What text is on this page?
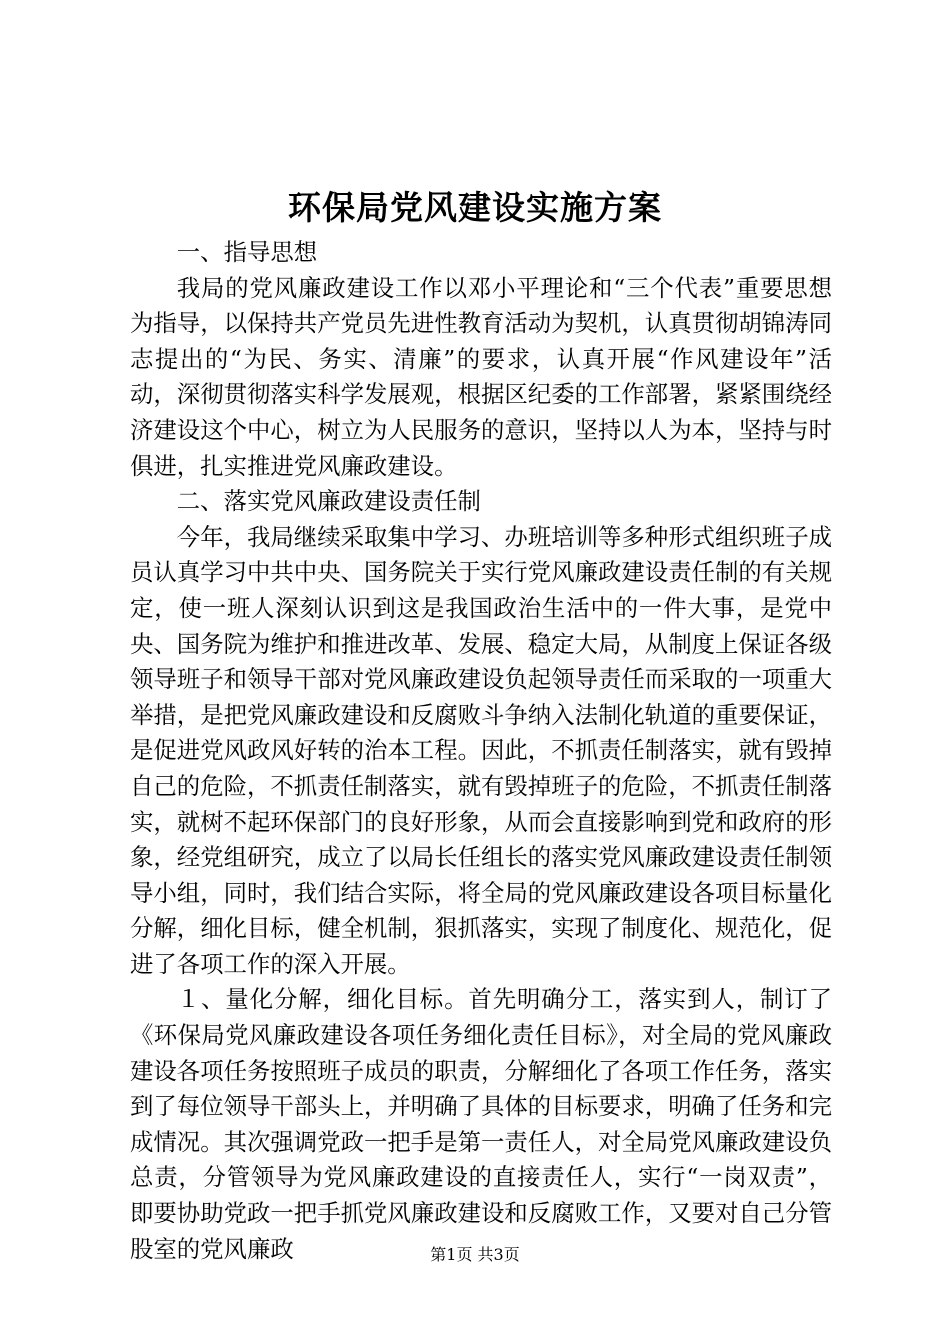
环保局党风建设实施方案

一、指导思想

我局的党风廉政建设工作以邓小平理论和“三个代表”重要思想为指导，以保持共产党员先进性教育活动为契机，认真贯彻胡锦涛同志提出的“为民、务实、清廉”的要求，认真开展“作风建设年”活动，深彻贯彻落实科学发展观，根据区纪委的工作部署，紧紧围绕经济建设这个中心，树立为人民服务的意识，坚持以人为本，坚持与时俱进，扎实推进党风廉政建设。

二、落实党风廉政建设责任制

今年，我局继续采取集中学习、办班培训等多种形式组织班子成员认真学习中共中央、国务院关于实行党风廉政建设责任制的有关规定，使一班人深刻认识到这是我国政治生活中的一件大事，是党中央、国务院为维护和推进改革、发展、稳定大局，从制度上保证各级领导班子和领导干部对党风廉政建设负起领导责任而采取的一项重大举措，是把党风廉政建设和反腐败斗争纳入法制化轨道的重要保证，是促进党风政风好转的治本工程。因此，不抓责任制落实，就有毁掉自己的危险，不抓责任制落实，就有毁掉班子的危险，不抓责任制落实，就树不起环保部门的良好形象，从而会直接影响到党和政府的形象，经党组研究，成立了以局长任组长的落实党风廉政建设责任制领导小组，同时，我们结合实际，将全局的党风廉政建设各项目标量化分解，细化目标，健全机制，狠抓落实，实现了制度化、规范化，促进了各项工作的深入开展。

１、量化分解，细化目标。首先明确分工，落实到人，制订了《环保局党风廉政建设各项任务细化责任目标》，对全局的党风廉政建设各项任务按照班子成员的职责，分解细化了各项工作任务，落实到了每位领导干部头上，并明确了具体的目标要求，明确了任务和完成情况。其次强调党政一把手是第一责任人，对全局党风廉政建设负总责，分管领导为党风廉政建设的直接责任人，实行“一岗双责”，即要协助党政一把手抓党风廉政建设和反腐败工作，又要对自己分管股室的党风廉政	第1页 共3页
